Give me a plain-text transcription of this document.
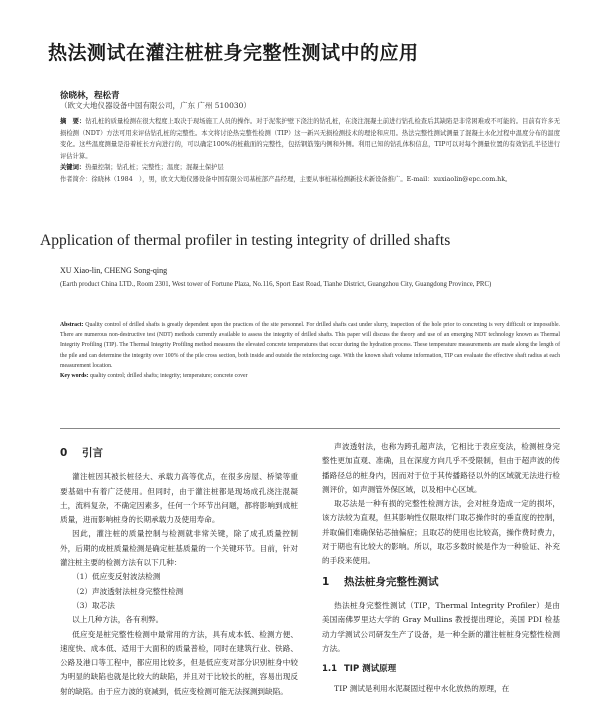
热法测试在灌注桩桩身完整性测试中的应用
徐晓林，程松青
（欧文大地仪器设备中国有限公司，广东 广州 510030）
摘　要：钻孔桩的质量检测在很大程度上取决于现场施工人员的操作。对于泥浆护壁下浇注的钻孔桩，在浇注混凝土前进行钻孔检查后其缺陷是非常困难或不可能的。目前有许多无损检测（NDT）方法可用来评估钻孔桩的完整性。本文将讨论热完整性检测（TIP）这一新兴无损检测技术的理论和应用。热法完整性测试测量了混凝土水化过程中温度分布的温度变化。这些温度测量是沿着桩长方向进行的，可以确定100%的桩截面的完整性，包括钢筋笼内侧和外侧。利用已知的钻孔体积信息，TIP可以对每个测量位置的有效钻孔半径进行评估计算。
关键词：热量控制；钻孔桩；完整性；温度；混凝土保护层
作者简介：徐晓林（1984　），男，欧文大地仪器设备中国有限公司基桩部产品经理，主要从事桩基检测新技术新设备推广。E-mail：xuxiaolin@epc.com.hk。
Application of thermal profiler in testing integrity of drilled shafts
XU Xiao-lin, CHENG Song-qing
(Earth product China LTD., Room 2301, West tower of Fortune Plaza, No.116, Sport East Road, Tianhe District, Guangzhou City, Guangdong Province, PRC)
Abstract: Quality control of drilled shafts is greatly dependent upon the practices of the site personnel. For drilled shafts cast under slurry, inspection of the hole prior to concreting is very difficult or impossible. There are numerous non-destructive test (NDT) methods currently available to assess the integrity of drilled shafts. This paper will discuss the theory and use of an emerging NDT technology known as Thermal Integrity Profiling (TIP). The Thermal Integrity Profiling method measures the elevated concrete temperatures that occur during the hydration process. These temperature measurements are made along the length of the pile and can determine the integrity over 100% of the pile cross section, both inside and outside the reinforcing cage. With the known shaft volume information, TIP can evaluate the effective shaft radius at each measurement location.
Key words: quality control; drilled shafts; integrity; temperature; concrete cover
0 引言

灌注桩因其被长桩径大、承载力高等优点，在很多房屋、桥梁等重要基础中有着广泛使用。但同时，由于灌注桩都是现场成孔浇注混凝土，流料复杂，不确定因素多，任何一个环节出问题，都将影响到成桩质量，进而影响桩身的长期承载力及使用寿命。

因此，灌注桩的质量控制与检测就非常关键，除了成孔质量控制外，后期的成桩质量检测是确定桩基质量的一个关键环节。目前，针对灌注桩主要的检测方法有以下几种：

（1）低应变反射波法检测
（2）声波透射法桩身完整性检测
（3）取芯法

以上几种方法，各有利弊。

低应变是桩完整性检测中最常用的方法，具有成本低、检测方便、速度快、成本低、适用于大面积的质量普检，同时在建筑行业、铁路、公路及港口等工程中，都应用比较多，但是低应变对部分识别桩身中较为明显的缺陷也就是比较大的缺陷，并且对于比较长的桩，容易出现反射的缺陷。由于应力波的衰减到，低应变检测可能无法探测到缺陷。

声波透射法，也称为跨孔超声法，它相比于表应变法，检测桩身完整性更加直观、准确，且在深度方向几乎不受限制，但由于超声波的传播路径总的桩身内，因而对于位于其传播路径以外的区域就无法进行检测评价，如声测管外保区域，以及相中心区域。

取芯法是一种有损的完整性检测方法，会对桩身造成一定的损坏，该方法较为直观，但其影响性仅限取样门取芯操作时的垂直度的控制，并取偏们难确保钻芯抽偏症；且取芯的使用也比较高，操作费时费力，对于期也有比较大的影响。所以，取芯多数时候是作为一种验证、补充的手段来使用。

1 热法桩身完整性测试

热法桩身完整性测试（TIP，Thermal Integrity Profiler）是由美国南佛罗里达大学的 Gray Mullins 教授提出理论，美国 PDI 检基动力学测试公司研发生产了设备，是一种全新的灌注桩桩身完整性检测方法。

1.1 TIP 测试原理

TIP 测试是利用水泥凝固过程中水化放热的原理，在
